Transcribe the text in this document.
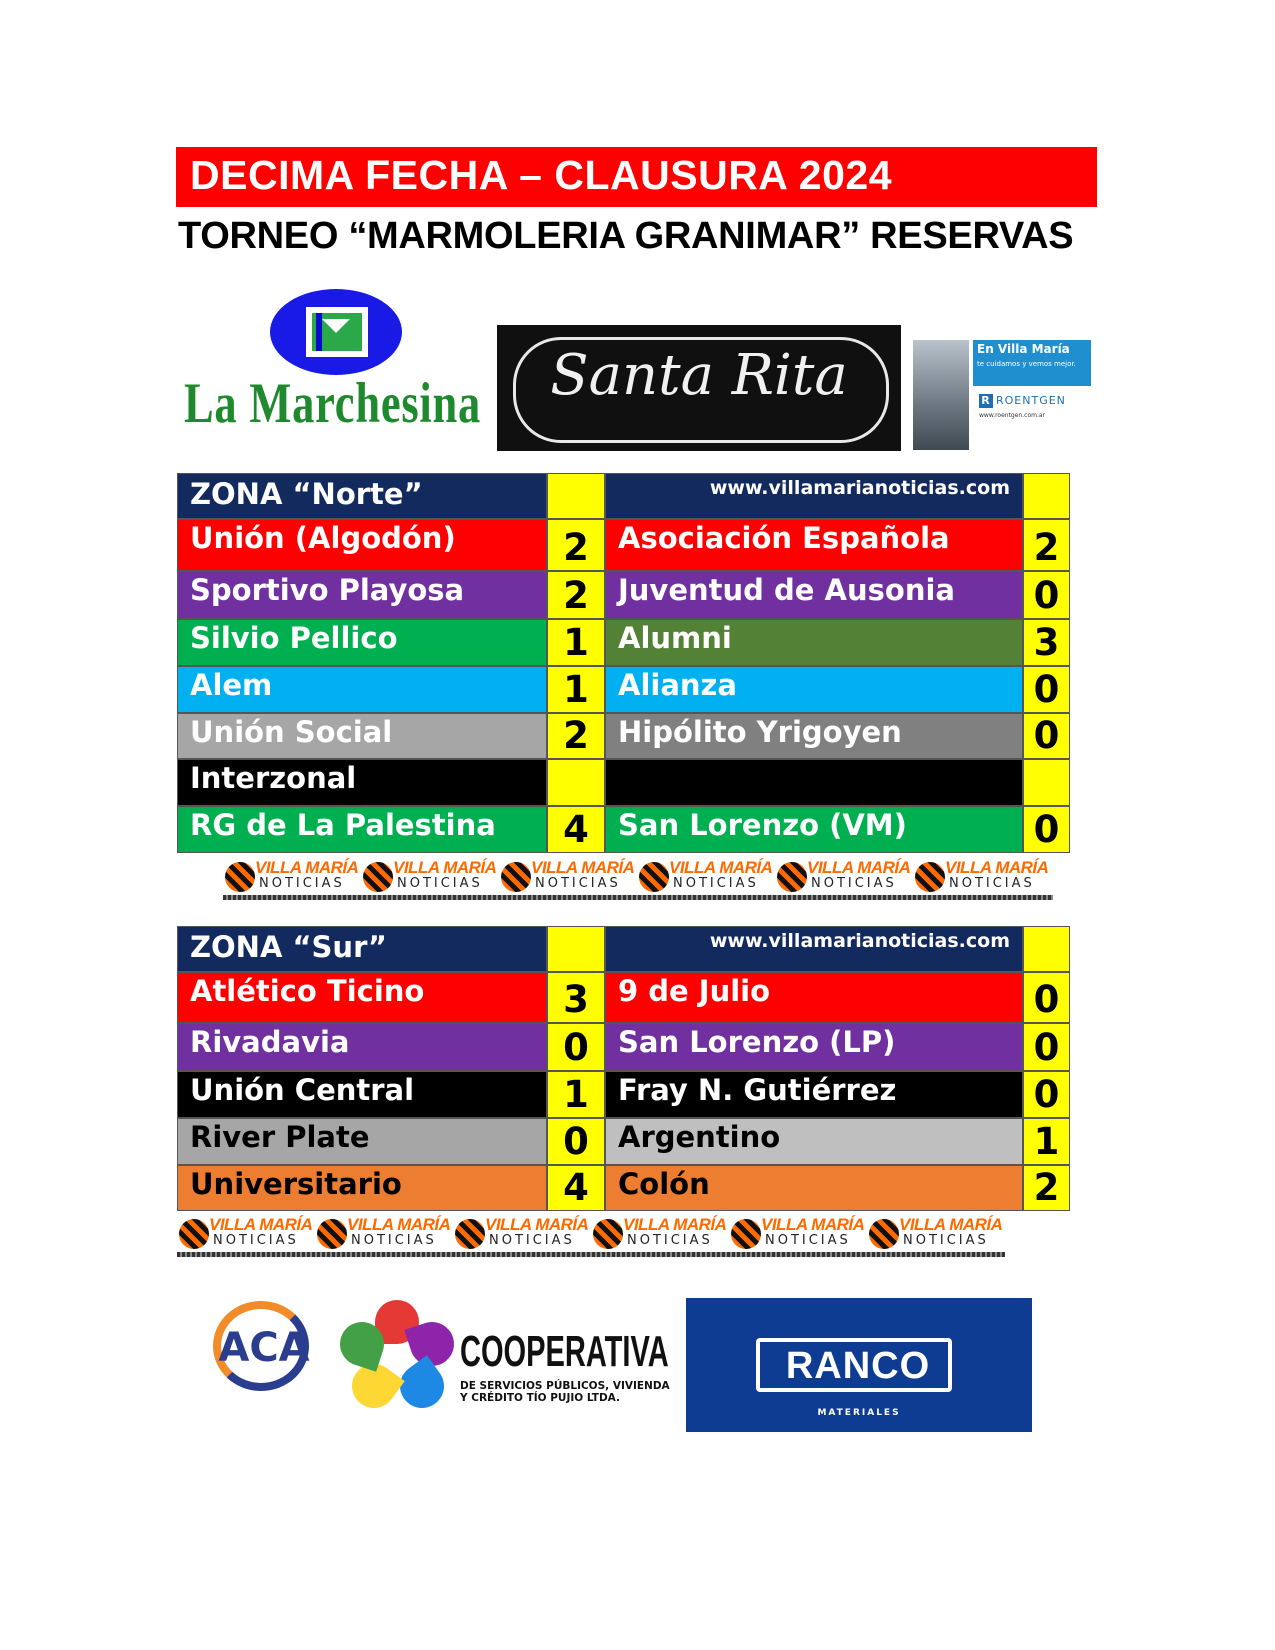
DECIMA FECHA – CLAUSURA 2024
TORNEO “MARMOLERIA GRANIMAR” RESERVAS
La Marchesina	Santa Rita	En Villa María
te cuidamos y vemos mejor.
R ROENTGEN
www.roentgen.com.ar
ZONA “Norte”	www.villamarianoticias.com
Unión (Algodón)	2	Asociación Española 2
Sportivo Playosa	2	Juventud de Ausonia 0
Silvio Pellico	1	Alumni	3
Alem	1	Alianza	0
Unión Social	2	Hipólito Yrigoyen	0
Interzonal
RG de La Palestina	4	San Lorenzo (VM)	0
VILLA MARÍA
NOTICIAS
VILLA MARÍA
NOTICIAS
VILLA MARÍA
NOTICIAS
VILLA MARÍA
NOTICIAS
VILLA MARÍA
NOTICIAS
VILLA MARÍA
NOTICIAS
ZONA “Sur”	www.villamarianoticias.com
Atlético Ticino	3	9 de Julio	0
Rivadavia	0	San Lorenzo (LP)	0
Unión Central	1	Fray N. Gutiérrez	0
River Plate	0	Argentino	1
Universitario	4	Colón	2
VILLA MARÍA
NOTICIAS
VILLA MARÍA
NOTICIAS
VILLA MARÍA
NOTICIAS
VILLA MARÍA
NOTICIAS
VILLA MARÍA
NOTICIAS
VILLA MARÍA
NOTICIAS
ACA	COOPERATIVA
DE SERVICIOS PÚBLICOS, VIVIENDA
Y CRÉDITO TÍO PUJIO LTDA.
RANCO
MATERIALES
